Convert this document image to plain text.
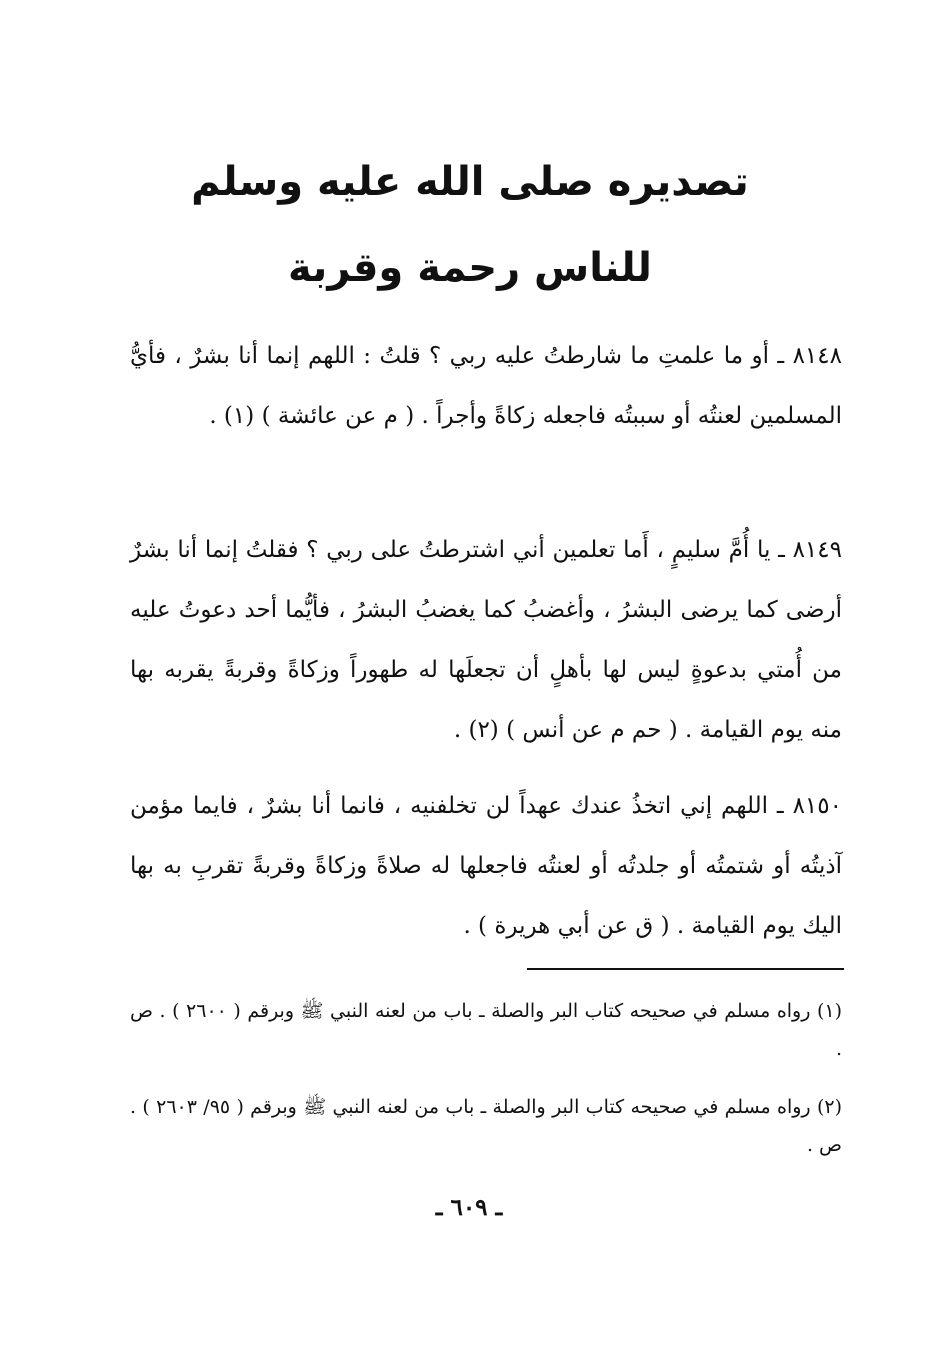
تصديره صلى الله عليه وسلم
للناس رحمة وقربة
٨١٤٨ ـ أو ما علمتِ ما شارطتُ عليه ربي ؟ قلتُ : اللهم إنما أنا بشرٌ ، فأيُّ المسلمين لعنتُه أو سببتُه فاجعله زكاةً وأجراً . ( م عن عائشة ) (١) .
٨١٤٩ ـ يا أُمَّ سليمٍ ، أَما تعلمين أني اشترطتُ على ربي ؟ فقلتُ إنما أنا بشرٌ أرضى كما يرضى البشرُ ، وأغضبُ كما يغضبُ البشرُ ، فأيُّما أحد دعوتُ عليه من أُمتي بدعوةٍ ليس لها بأهلٍ أن تجعلَها له طهوراً وزكاةً وقربةً يقربه بها منه يوم القيامة . ( حم م عن أنس ) (٢) .
٨١٥٠ ـ اللهم إني اتخذُ عندك عهداً لن تخلفنيه ، فانما أنا بشرٌ ، فايما مؤمن آذيتُه أو شتمتُه أو جلدتُه أو لعنتُه فاجعلها له صلاةً وزكاةً وقربةً تقربِ به بها اليك يوم القيامة . ( ق عن أبي هريرة ) .
(١) رواه مسلم في صحيحه كتاب البر والصلة ـ باب من لعنه النبي ﷺ وبرقم ( ٢٦٠٠ ) . ص .
(٢) رواه مسلم في صحيحه كتاب البر والصلة ـ باب من لعنه النبي ﷺ وبرقم ( ٩٥/ ٢٦٠٣ ) . ص .
ـ ٦٠٩ ـ
